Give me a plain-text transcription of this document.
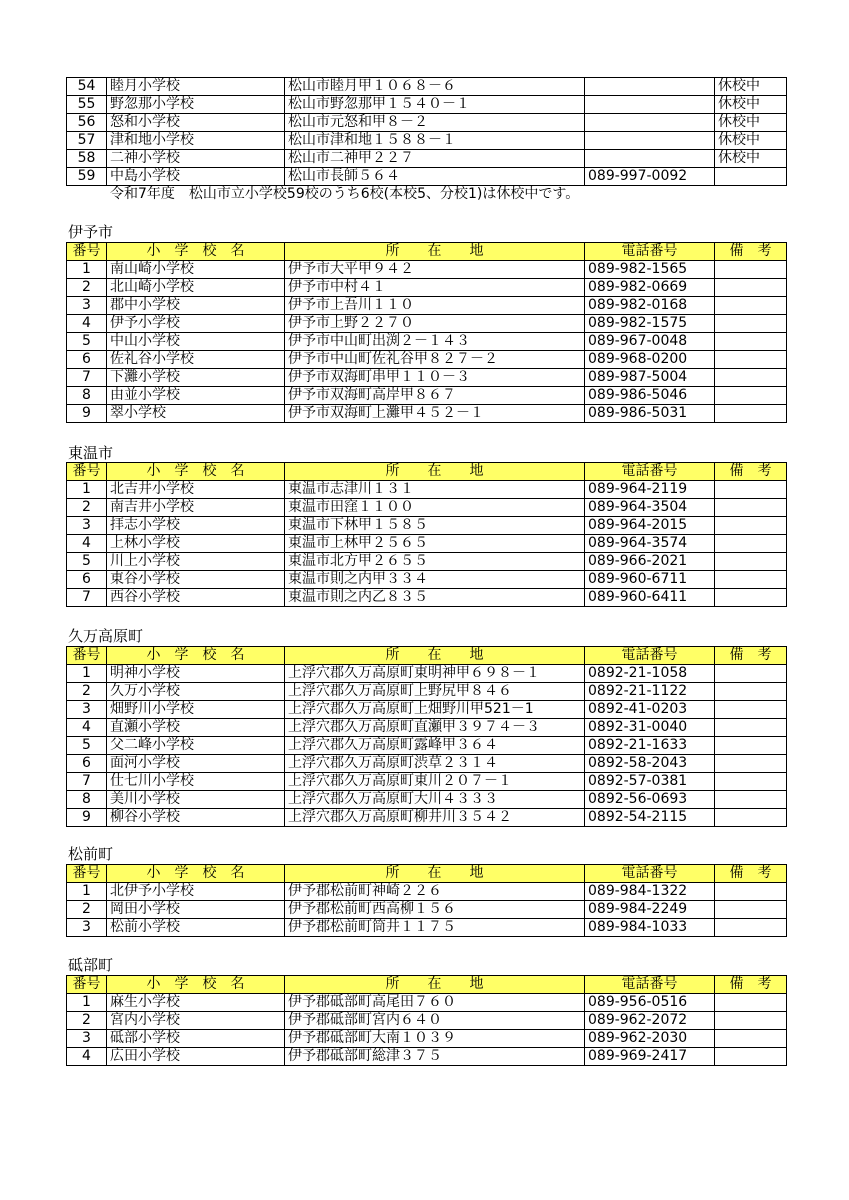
54	睦月小学校	松山市睦月甲１０６８－６		休校中
55	野忽那小学校	松山市野忽那甲１５４０－１		休校中
56	怒和小学校	松山市元怒和甲８－２		休校中
57	津和地小学校	松山市津和地１５８８－１		休校中
58	二神小学校	松山市二神甲２２７		休校中
59	中島小学校	松山市長師５６４	089-997-0092	
令和7年度　松山市立小学校59校のうち6校(本校5、分校1)は休校中です。
伊予市
番号	小　学　校　名	所　　在　　地	電話番号	備　考
1	南山崎小学校	伊予市大平甲９４２	089-982-1565	
2	北山崎小学校	伊予市中村４１	089-982-0669	
3	郡中小学校	伊予市上吾川１１０	089-982-0168	
4	伊予小学校	伊予市上野２２７０	089-982-1575	
5	中山小学校	伊予市中山町出渕２－１４３	089-967-0048	
6	佐礼谷小学校	伊予市中山町佐礼谷甲８２７－２	089-968-0200	
7	下灘小学校	伊予市双海町串甲１１０－３	089-987-5004	
8	由並小学校	伊予市双海町高岸甲８６７	089-986-5046	
9	翠小学校	伊予市双海町上灘甲４５２－１	089-986-5031	
東温市
番号	小　学　校　名	所　　在　　地	電話番号	備　考
1	北吉井小学校	東温市志津川１３１	089-964-2119	
2	南吉井小学校	東温市田窪１１００	089-964-3504	
3	拝志小学校	東温市下林甲１５８５	089-964-2015	
4	上林小学校	東温市上林甲２５６５	089-964-3574	
5	川上小学校	東温市北方甲２６５５	089-966-2021	
6	東谷小学校	東温市則之内甲３３４	089-960-6711	
7	西谷小学校	東温市則之内乙８３５	089-960-6411	
久万高原町
番号	小　学　校　名	所　　在　　地	電話番号	備　考
1	明神小学校	上浮穴郡久万高原町東明神甲６９８－１	0892-21-1058	
2	久万小学校	上浮穴郡久万高原町上野尻甲８４６	0892-21-1122	
3	畑野川小学校	上浮穴郡久万高原町上畑野川甲521－1	0892-41-0203	
4	直瀬小学校	上浮穴郡久万高原町直瀬甲３９７４－３	0892-31-0040	
5	父二峰小学校	上浮穴郡久万高原町露峰甲３６４	0892-21-1633	
6	面河小学校	上浮穴郡久万高原町渋草２３１４	0892-58-2043	
7	仕七川小学校	上浮穴郡久万高原町東川２０７－１	0892-57-0381	
8	美川小学校	上浮穴郡久万高原町大川４３３３	0892-56-0693	
9	柳谷小学校	上浮穴郡久万高原町柳井川３５４２	0892-54-2115	
松前町
番号	小　学　校　名	所　　在　　地	電話番号	備　考
1	北伊予小学校	伊予郡松前町神崎２２６	089-984-1322	
2	岡田小学校	伊予郡松前町西高柳１５６	089-984-2249	
3	松前小学校	伊予郡松前町筒井１１７５	089-984-1033	
砥部町
番号	小　学　校　名	所　　在　　地	電話番号	備　考
1	麻生小学校	伊予郡砥部町高尾田７６０	089-956-0516	
2	宮内小学校	伊予郡砥部町宮内６４０	089-962-2072	
3	砥部小学校	伊予郡砥部町大南１０３９	089-962-2030	
4	広田小学校	伊予郡砥部町総津３７５	089-969-2417	
